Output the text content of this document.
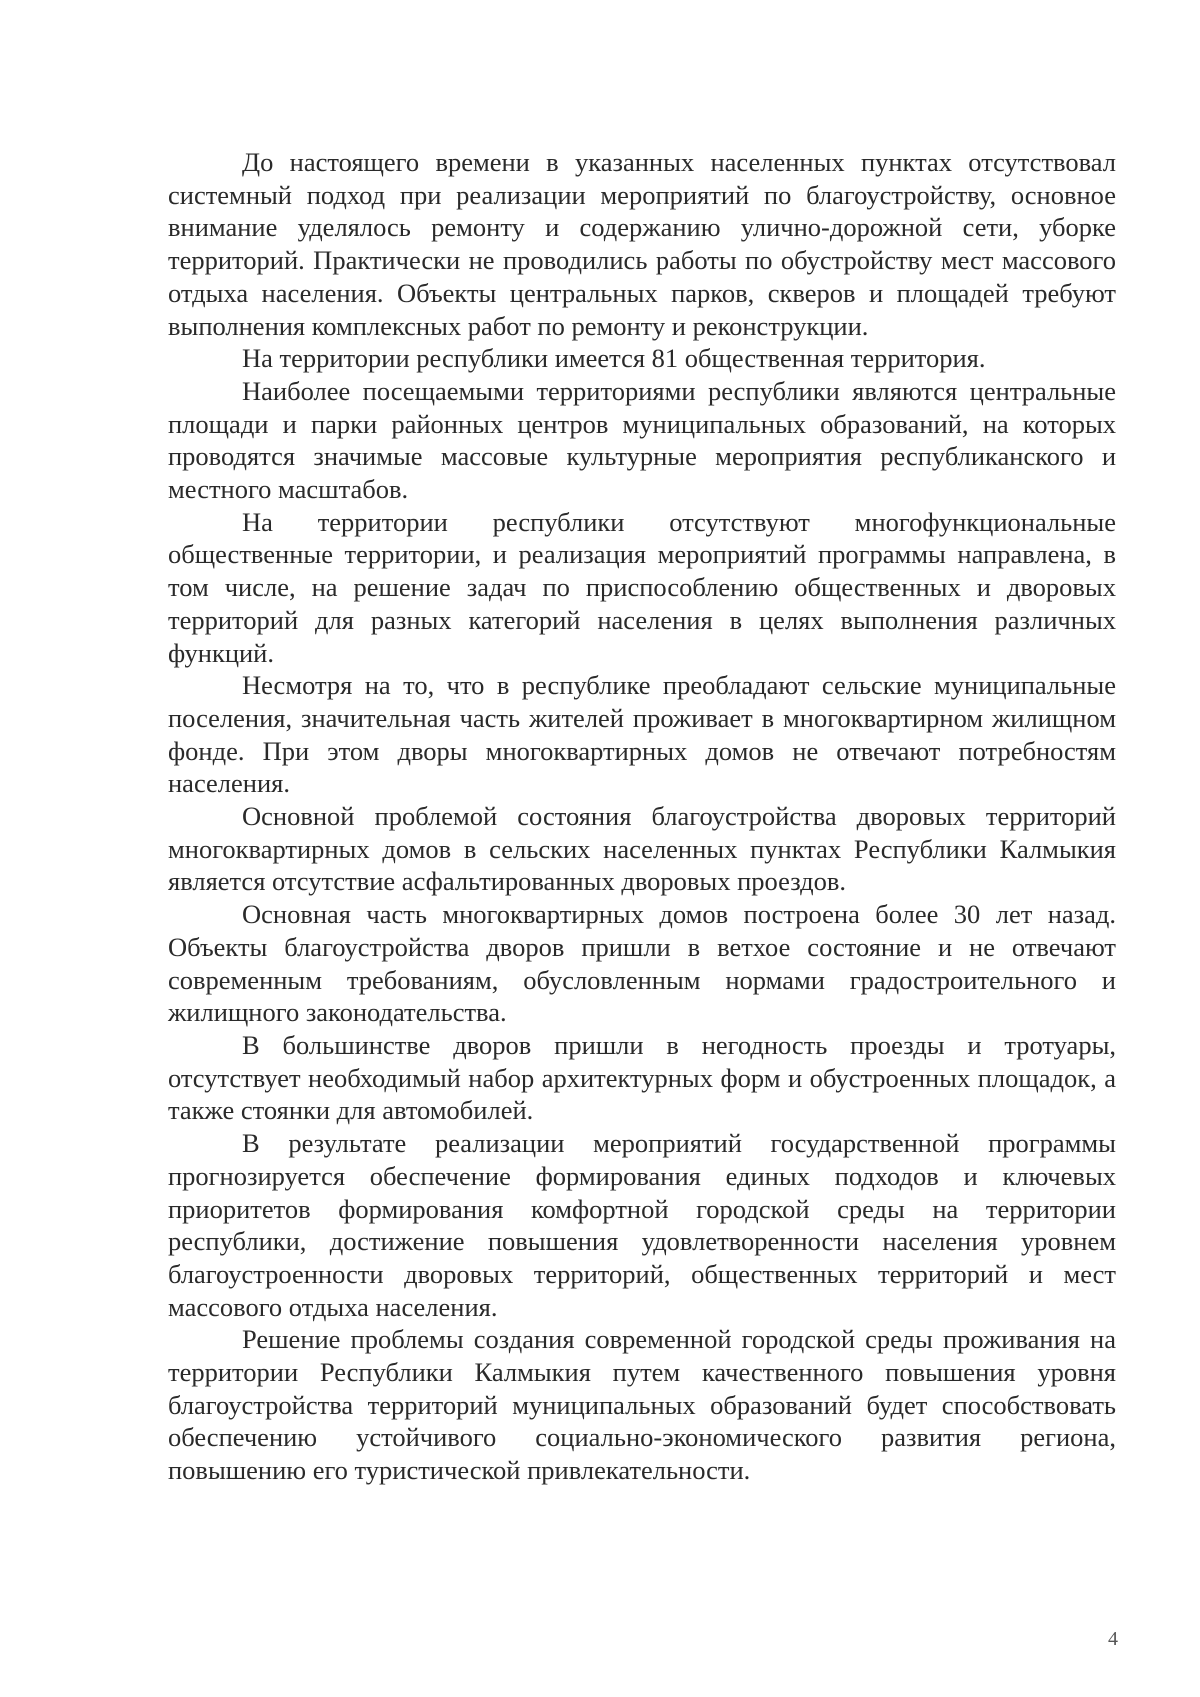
До настоящего времени в указанных населенных пунктах отсутствовал системный подход при реализации мероприятий по благоустройству, основное внимание уделялось ремонту и содержанию улично-дорожной сети, уборке территорий. Практически не проводились работы по обустройству мест массового отдыха населения. Объекты центральных парков, скверов и площадей требуют выполнения комплексных работ по ремонту и реконструкции.

На территории республики имеется 81 общественная территория.

Наиболее посещаемыми территориями республики являются центральные площади и парки районных центров муниципальных образований, на которых проводятся значимые массовые культурные мероприятия республиканского и местного масштабов.

На территории республики отсутствуют многофункциональные общественные территории, и реализация мероприятий программы направлена, в том числе, на решение задач по приспособлению общественных и дворовых территорий для разных категорий населения в целях выполнения различных функций.

Несмотря на то, что в республике преобладают сельские муниципальные поселения, значительная часть жителей проживает в многоквартирном жилищном фонде. При этом дворы многоквартирных домов не отвечают потребностям населения.

Основной проблемой состояния благоустройства дворовых территорий многоквартирных домов в сельских населенных пунктах Республики Калмыкия является отсутствие асфальтированных дворовых проездов.

Основная часть многоквартирных домов построена более 30 лет назад. Объекты благоустройства дворов пришли в ветхое состояние и не отвечают современным требованиям, обусловленным нормами градостроительного и жилищного законодательства.

В большинстве дворов пришли в негодность проезды и тротуары, отсутствует необходимый набор архитектурных форм и обустроенных площадок, а также стоянки для автомобилей.

В результате реализации мероприятий государственной программы прогнозируется обеспечение формирования единых подходов и ключевых приоритетов формирования комфортной городской среды на территории республики, достижение повышения удовлетворенности населения уровнем благоустроенности дворовых территорий, общественных территорий и мест массового отдыха населения.

Решение проблемы создания современной городской среды проживания на территории Республики Калмыкия путем качественного повышения уровня благоустройства территорий муниципальных образований будет способствовать обеспечению устойчивого социально-экономического развития региона, повышению его туристической привлекательности.

4
